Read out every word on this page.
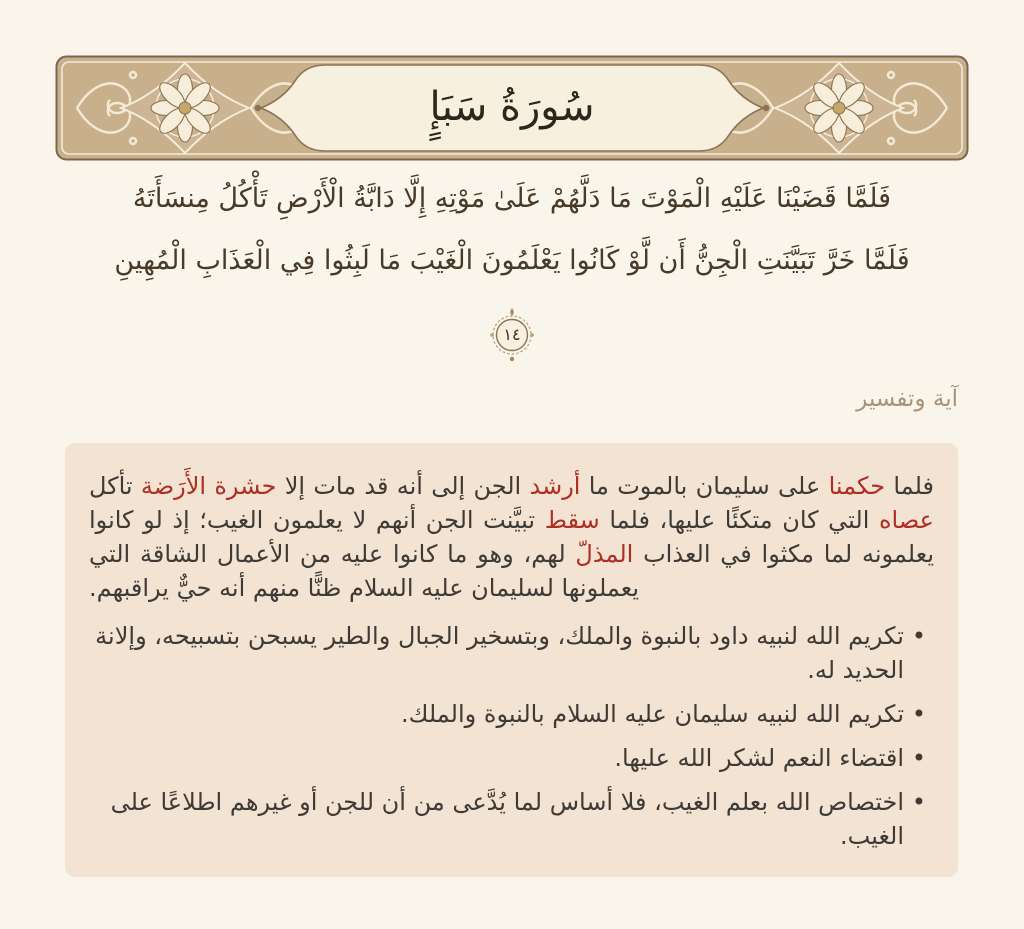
سُورَةُ سَبَإٍ
فَلَمَّا قَضَيْنَا عَلَيْهِ الْمَوْتَ مَا دَلَّهُمْ عَلَىٰ مَوْتِهِ إِلَّا دَابَّةُ الْأَرْضِ تَأْكُلُ مِنسَأَتَهُ
فَلَمَّا خَرَّ تَبَيَّنَتِ الْجِنُّ أَن لَّوْ كَانُوا يَعْلَمُونَ الْغَيْبَ مَا لَبِثُوا فِي الْعَذَابِ الْمُهِينِ
١٤
آية وتفسير

فلما حكمنا على سليمان بالموت ما أرشد الجن إلى أنه قد مات إلا حشرة الأَرَضة تأكل عصاه التي كان متكئًا عليها، فلما سقط تبيَّنت الجن أنهم لا يعلمون الغيب؛ إذ لو كانوا يعلمونه لما مكثوا في العذاب المذلّ لهم، وهو ما كانوا عليه من الأعمال الشاقة التي يعملونها لسليمان عليه السلام ظنًّا منهم أنه حيٌّ يراقبهم.

• تكريم الله لنبيه داود بالنبوة والملك، وبتسخير الجبال والطير يسبحن بتسبيحه، وإلانة الحديد له.
• تكريم الله لنبيه سليمان عليه السلام بالنبوة والملك.
• اقتضاء النعم لشكر الله عليها.
• اختصاص الله بعلم الغيب، فلا أساس لما يُدَّعى من أن للجن أو غيرهم اطلاعًا على الغيب.
